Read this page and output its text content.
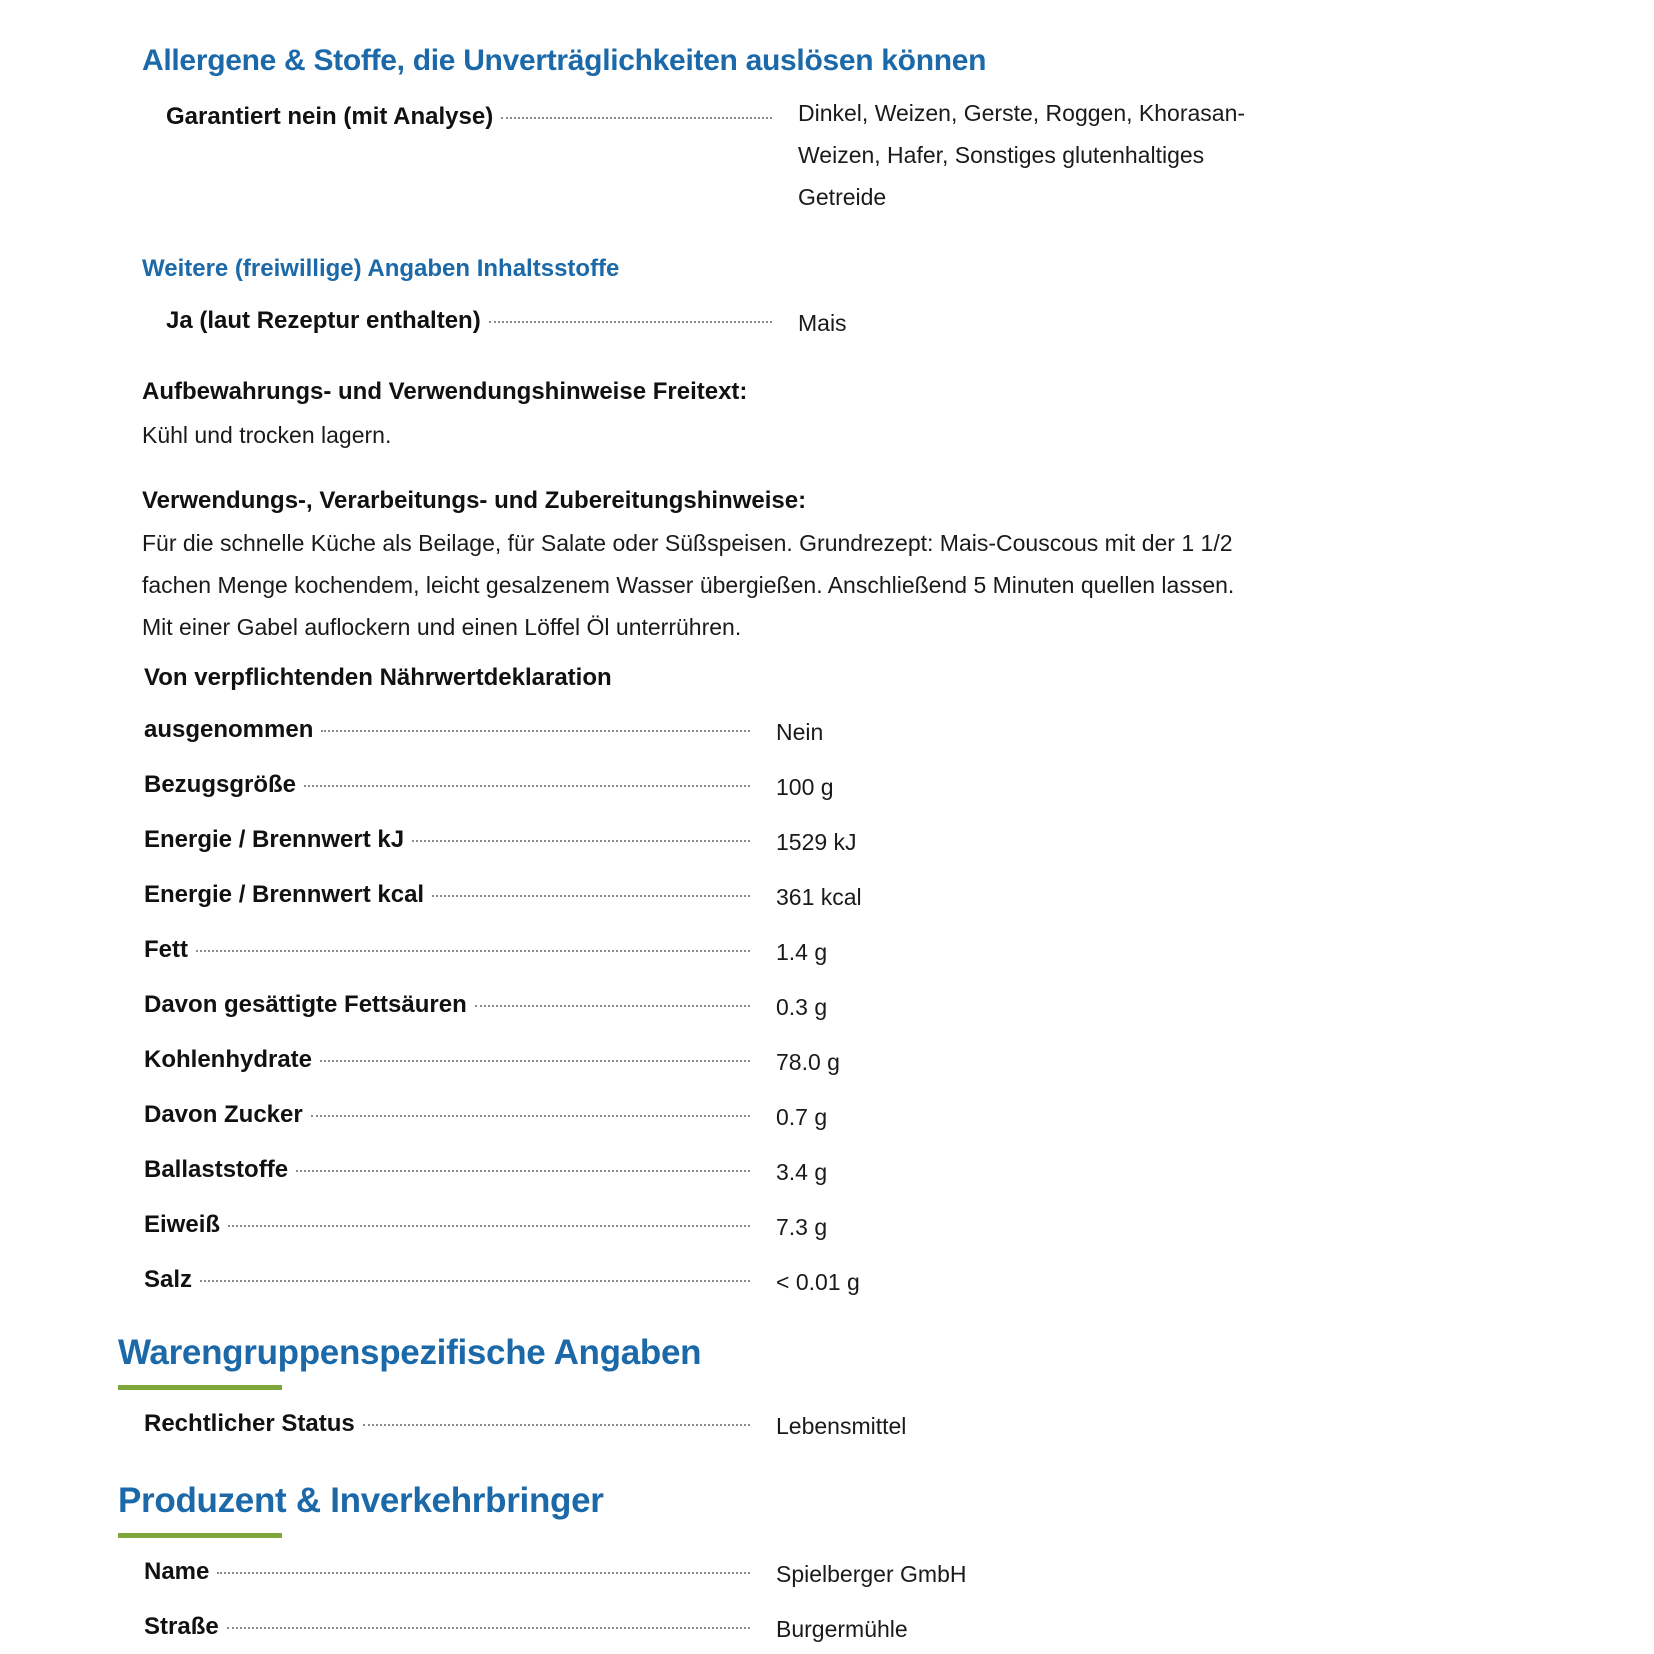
Allergene & Stoffe, die Unverträglichkeiten auslösen können
Garantiert nein (mit Analyse)	Dinkel, Weizen, Gerste, Roggen, Khorasan-
Weizen, Hafer, Sonstiges glutenhaltiges
Getreide
Weitere (freiwillige) Angaben Inhaltsstoffe
Ja (laut Rezeptur enthalten)	Mais
Aufbewahrungs- und Verwendungshinweise Freitext:
Kühl und trocken lagern.
Verwendungs-, Verarbeitungs- und Zubereitungshinweise:
Für die schnelle Küche als Beilage, für Salate oder Süßspeisen. Grundrezept: Mais-Couscous mit der 1 1/2
fachen Menge kochendem, leicht gesalzenem Wasser übergießen. Anschließend 5 Minuten quellen lassen.
Mit einer Gabel auflockern und einen Löffel Öl unterrühren.
Von verpflichtenden Nährwertdeklaration
ausgenommen	Nein
Bezugsgröße	100 g
Energie / Brennwert kJ	1529 kJ
Energie / Brennwert kcal	361 kcal
Fett	1.4 g
Davon gesättigte Fettsäuren	0.3 g
Kohlenhydrate	78.0 g
Davon Zucker	0.7 g
Ballaststoffe	3.4 g
Eiweiß	7.3 g
Salz	< 0.01 g
Warengruppenspezifische Angaben
Rechtlicher Status	Lebensmittel
Produzent & Inverkehrbringer
Name	Spielberger GmbH
Straße	Burgermühle
